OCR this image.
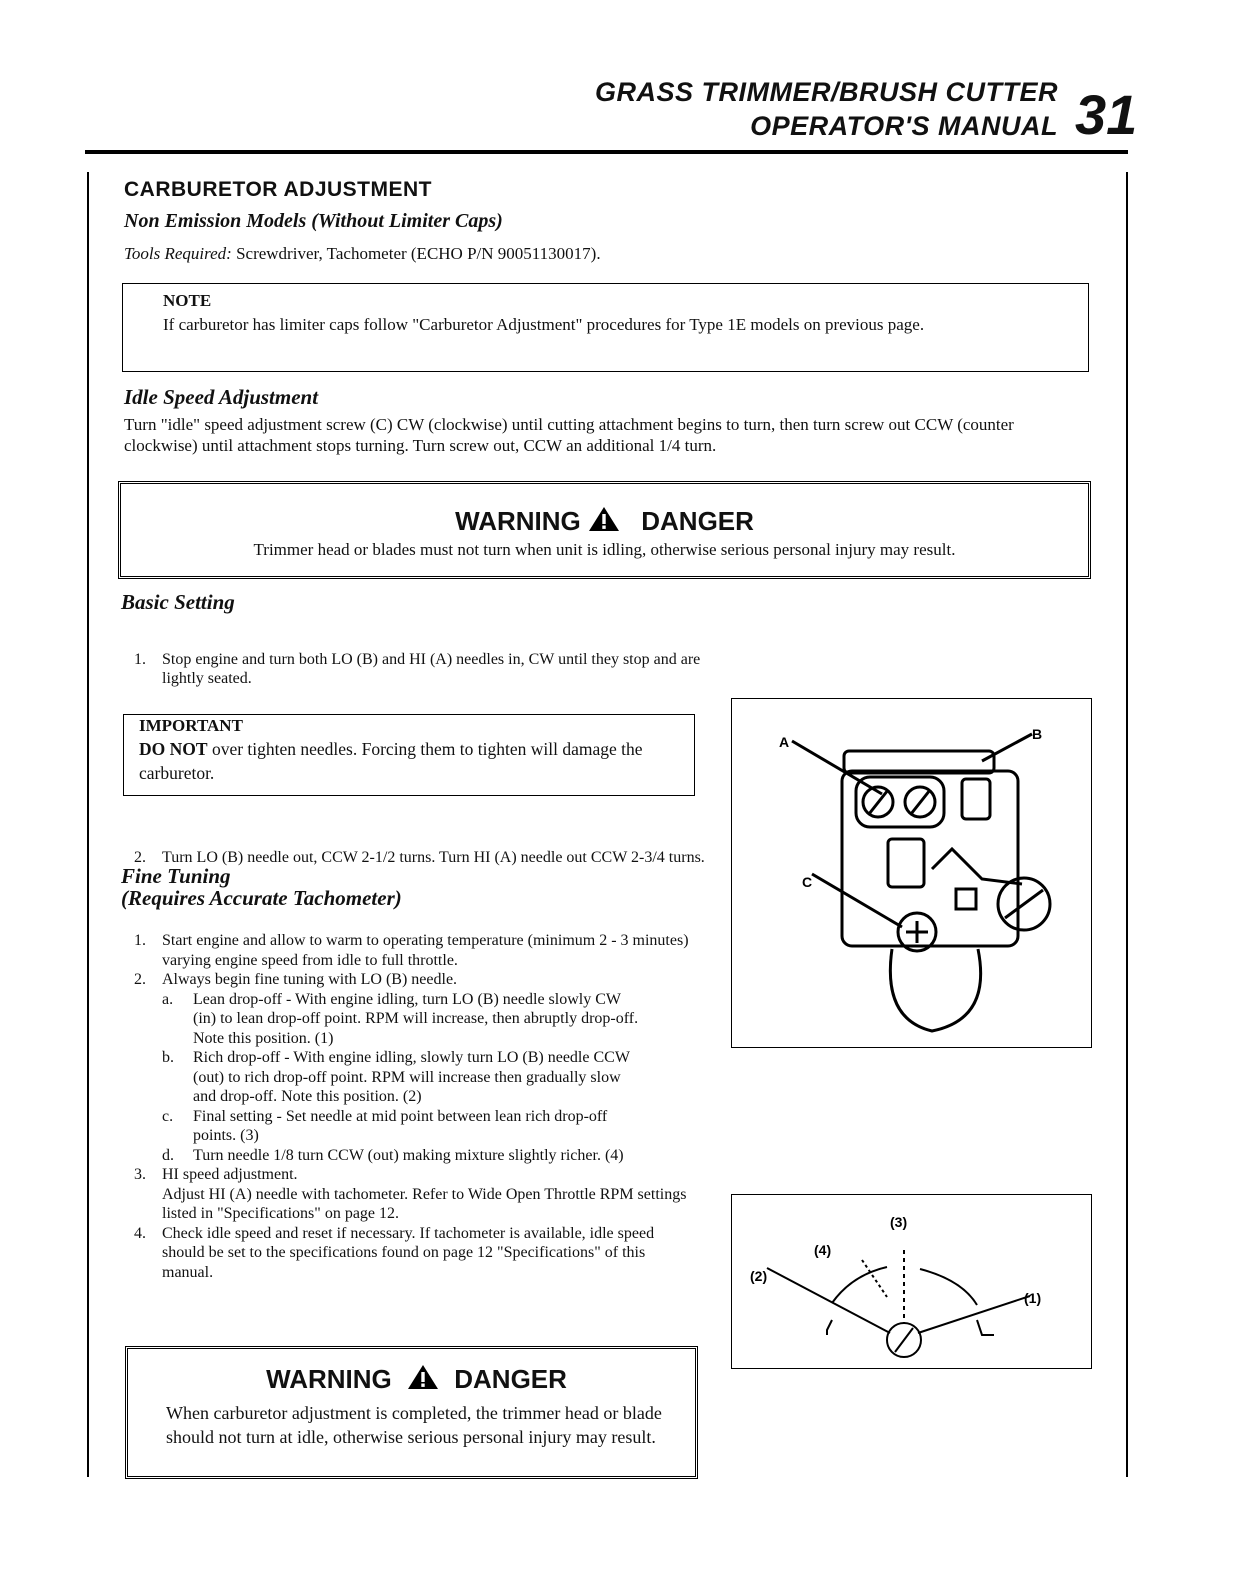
GRASS TRIMMER/BRUSH CUTTER
OPERATOR'S MANUAL 31
CARBURETOR ADJUSTMENT
Non Emission Models (Without Limiter Caps)
Tools Required: Screwdriver, Tachometer (ECHO P/N 90051130017).
NOTE
If carburetor has limiter caps follow "Carburetor Adjustment" procedures for Type 1E models on previous page.
Idle Speed Adjustment
Turn "idle" speed adjustment screw (C) CW (clockwise) until cutting attachment begins to turn, then turn screw out CCW (counter clockwise) until attachment stops turning. Turn screw out, CCW an additional 1/4 turn.
WARNING DANGER
Trimmer head or blades must not turn when unit is idling, otherwise serious personal injury may result.
Basic Setting
1. Stop engine and turn both LO (B) and HI (A) needles in, CW until they stop and are lightly seated.
IMPORTANT
DO NOT over tighten needles. Forcing them to tighten will damage the carburetor.
2. Turn LO (B) needle out, CCW 2-1/2 turns. Turn HI (A) needle out CCW 2-3/4 turns.
Fine Tuning
(Requires Accurate Tachometer)
1. Start engine and allow to warm to operating temperature (minimum 2 - 3 minutes) varying engine speed from idle to full throttle.
2. Always begin fine tuning with LO (B) needle.
a. Lean drop-off - With engine idling, turn LO (B) needle slowly CW (in) to lean drop-off point. RPM will increase, then abruptly drop-off. Note this position. (1)
b. Rich drop-off - With engine idling, slowly turn LO (B) needle CCW (out) to rich drop-off point. RPM will increase then gradually slow and drop-off. Note this position. (2)
c. Final setting - Set needle at mid point between lean rich drop-off points. (3)
d. Turn needle 1/8 turn CCW (out) making mixture slightly richer. (4)
3. HI speed adjustment.
Adjust HI (A) needle with tachometer. Refer to Wide Open Throttle RPM settings listed in "Specifications" on page 12.
4. Check idle speed and reset if necessary. If tachometer is available, idle speed should be set to the specifications found on page 12 "Specifications" of this manual.
WARNING DANGER
When carburetor adjustment is completed, the trimmer head or blade should not turn at idle, otherwise serious personal injury may result.
A	B
C
(3)
(4)
(2)
(1)
